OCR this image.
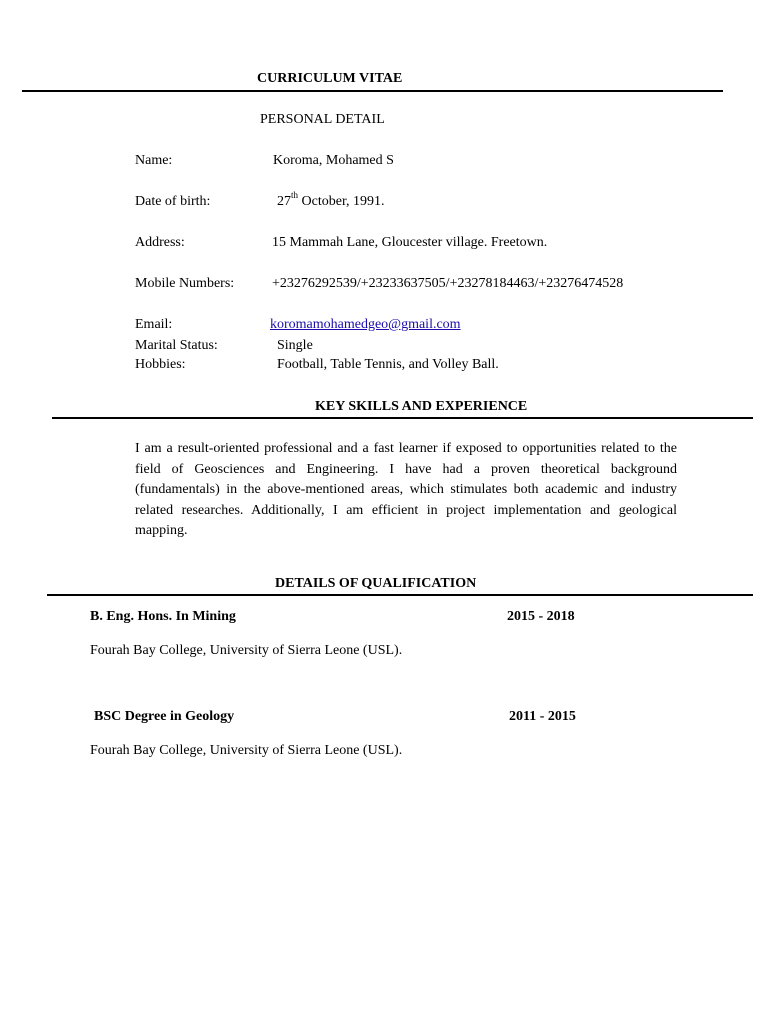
CURRICULUM VITAE
PERSONAL DETAIL
Name:	Koroma, Mohamed S
Date of birth:	27th October, 1991.
Address:	15 Mammah Lane, Gloucester village. Freetown.
Mobile Numbers:	+23276292539/+23233637505/+23278184463/+23276474528
Email:	koromamohamedgeo@gmail.com
Marital Status:	Single
Hobbies:	Football, Table Tennis, and Volley Ball.
KEY SKILLS AND EXPERIENCE
I am a result-oriented professional and a fast learner if exposed to opportunities related to the field of Geosciences and Engineering. I have had a proven theoretical background (fundamentals) in the above-mentioned areas, which stimulates both academic and industry related researches. Additionally, I am efficient in project implementation and geological mapping.
DETAILS OF QUALIFICATION
B. Eng. Hons. In Mining	2015 - 2018
Fourah Bay College, University of Sierra Leone (USL).
BSC Degree in Geology	2011 - 2015
Fourah Bay College, University of Sierra Leone (USL).
